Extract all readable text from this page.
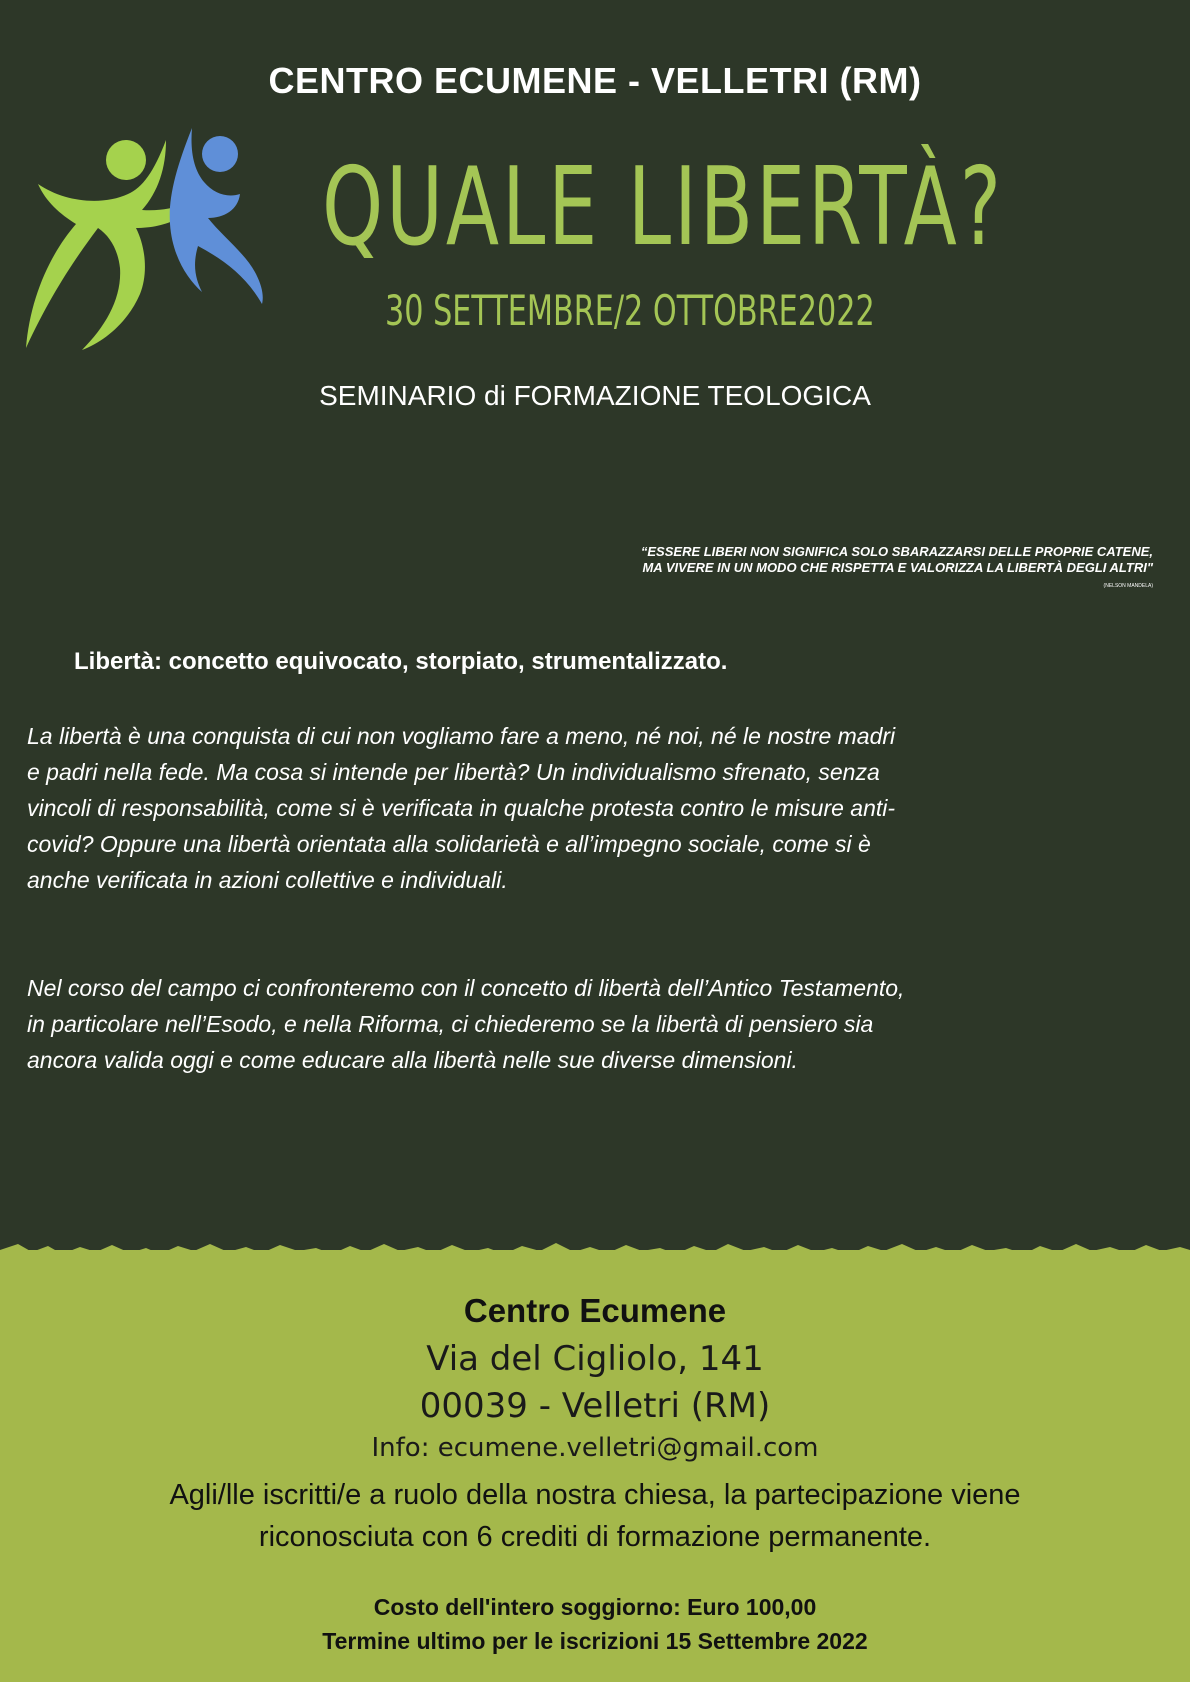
CENTRO ECUMENE - VELLETRI (RM)
QUALE LIBERTÀ?
30 SETTEMBRE/2 OTTOBRE2022
SEMINARIO di FORMAZIONE TEOLOGICA
“ESSERE LIBERI NON SIGNIFICA SOLO SBARAZZARSI DELLE PROPRIE CATENE,
MA VIVERE IN UN MODO CHE RISPETTA E VALORIZZA LA LIBERTÀ DEGLI ALTRI"
(NELSON MANDELA)
Libertà: concetto equivocato, storpiato, strumentalizzato.
La libertà è una conquista di cui non vogliamo fare a meno, né noi, né le nostre madri e padri nella fede. Ma cosa si intende per libertà? Un individualismo sfrenato, senza vincoli di responsabilità, come si è verificata in qualche protesta contro le misure anti-covid? Oppure una libertà orientata alla solidarietà e all’impegno sociale, come si è anche verificata in azioni collettive e individuali.
Nel corso del campo ci confronteremo con il concetto di libertà dell’Antico Testamento, in particolare nell’Esodo, e nella Riforma, ci chiederemo se la libertà di pensiero sia ancora valida oggi e come educare alla libertà nelle sue diverse dimensioni.
Centro Ecumene
Via del Cigliolo, 141
00039 - Velletri (RM)
Info: ecumene.velletri@gmail.com
Agli/lle iscritti/e a ruolo della nostra chiesa, la partecipazione viene riconosciuta con 6 crediti di formazione permanente.
Costo dell'intero soggiorno: Euro 100,00
Termine ultimo per le iscrizioni 15 Settembre 2022
